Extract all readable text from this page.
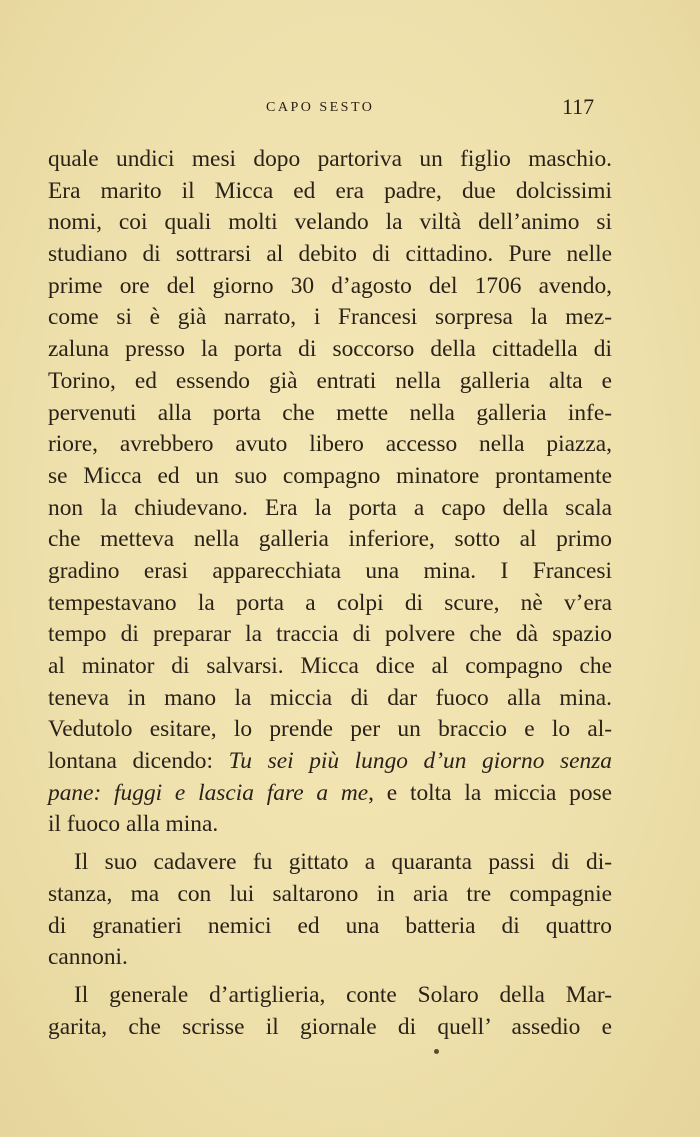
CAPO SESTO	117
quale undici mesi dopo partoriva un figlio maschio.
Era marito il Micca ed era padre, due dolcissimi
nomi, coi quali molti velando la viltà dell’animo si
studiano di sottrarsi al debito di cittadino. Pure nelle
prime ore del giorno 30 d’agosto del 1706 avendo,
come si è già narrato, i Francesi sorpresa la mez-
zaluna presso la porta di soccorso della cittadella di
Torino, ed essendo già entrati nella galleria alta e
pervenuti alla porta che mette nella galleria infe-
riore, avrebbero avuto libero accesso nella piazza,
se Micca ed un suo compagno minatore prontamente
non la chiudevano. Era la porta a capo della scala
che metteva nella galleria inferiore, sotto al primo
gradino erasi apparecchiata una mina. I Francesi
tempestavano la porta a colpi di scure, nè v’era
tempo di preparar la traccia di polvere che dà spazio
al minator di salvarsi. Micca dice al compagno che
teneva in mano la miccia di dar fuoco alla mina.
Vedutolo esitare, lo prende per un braccio e lo al-
lontana dicendo: Tu sei più lungo d’un giorno senza
pane: fuggi e lascia fare a me, e tolta la miccia pose
il fuoco alla mina.
Il suo cadavere fu gittato a quaranta passi di di-
stanza, ma con lui saltarono in aria tre compagnie
di granatieri nemici ed una batteria di quattro
cannoni.
Il generale d’artiglieria, conte Solaro della Mar-
garita, che scrisse il giornale di quell’ assedio e
